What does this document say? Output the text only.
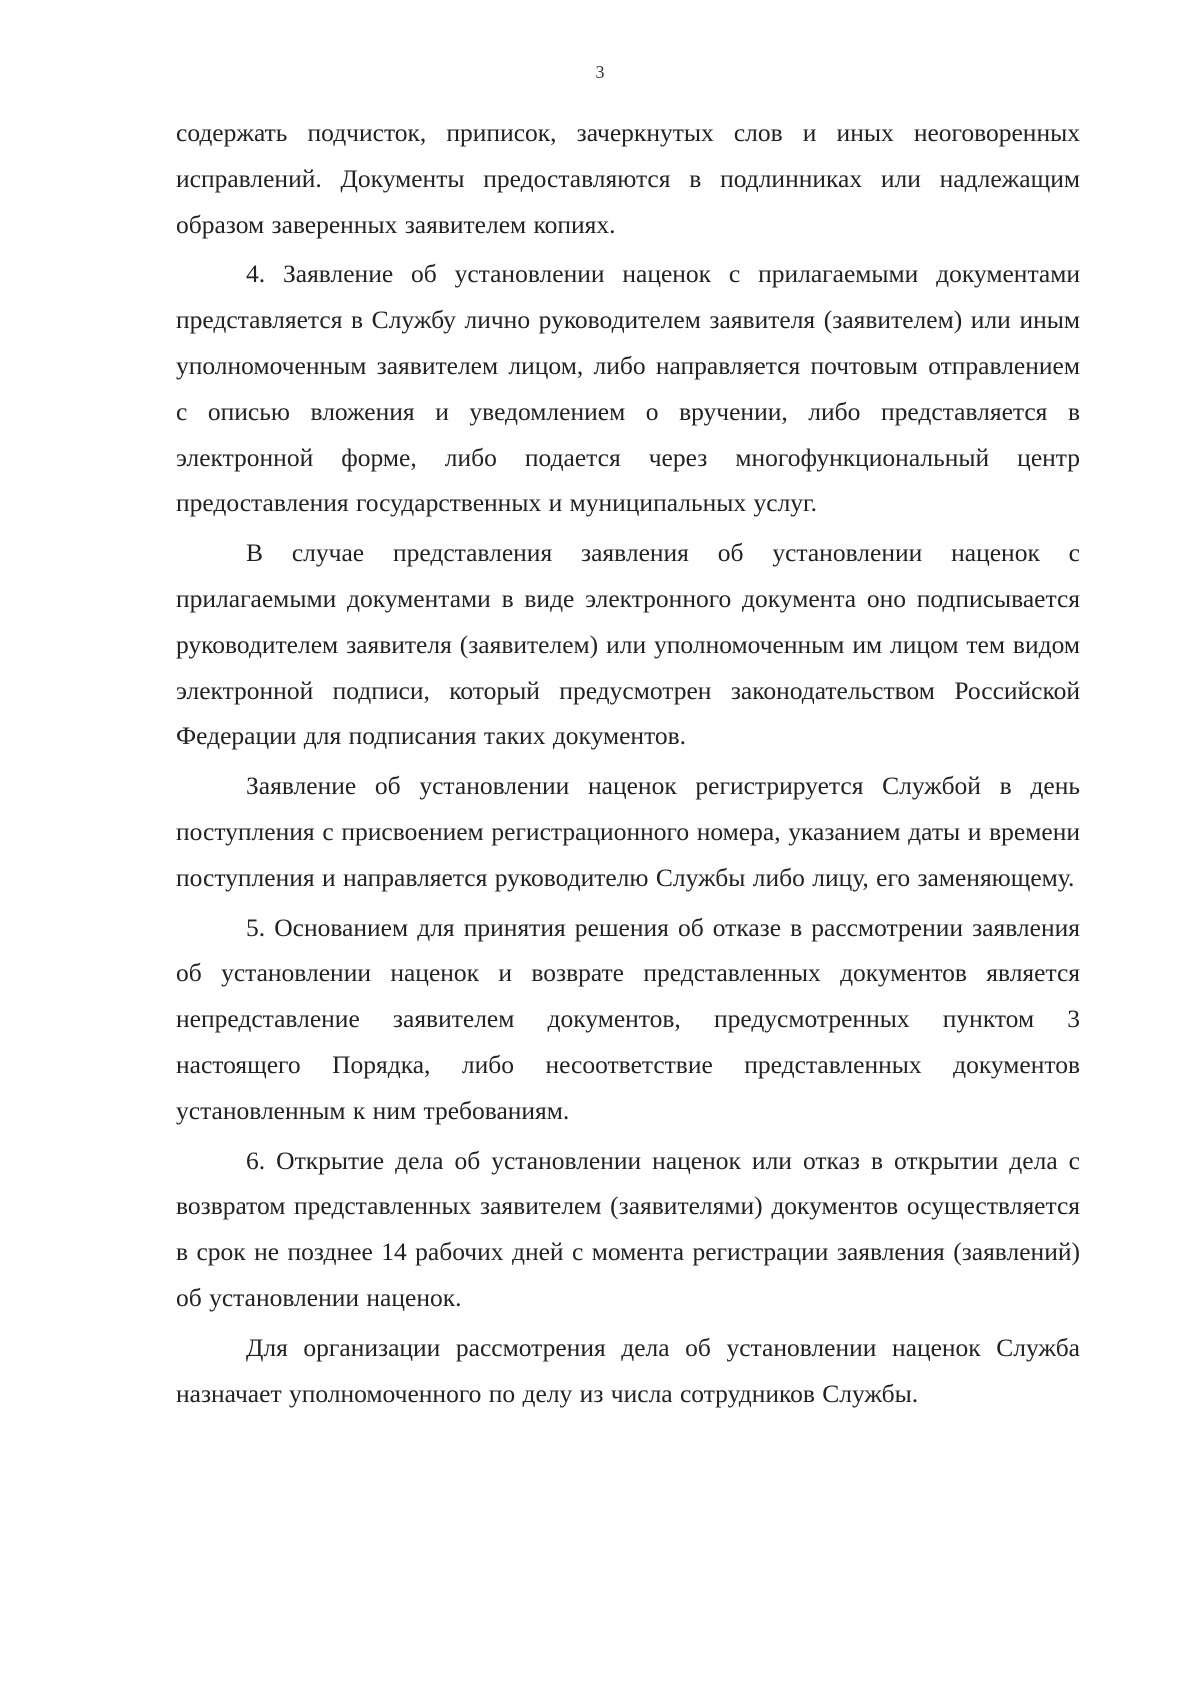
3

содержать подчисток, приписок, зачеркнутых слов и иных неоговоренных исправлений. Документы предоставляются в подлинниках или надлежащим образом заверенных заявителем копиях.

4. Заявление об установлении наценок с прилагаемыми документами представляется в Службу лично руководителем заявителя (заявителем) или иным уполномоченным заявителем лицом, либо направляется почтовым отправлением с описью вложения и уведомлением о вручении, либо представляется в электронной форме, либо подается через многофункциональный центр предоставления государственных и муниципальных услуг.

В случае представления заявления об установлении наценок с прилагаемыми документами в виде электронного документа оно подписывается руководителем заявителя (заявителем) или уполномоченным им лицом тем видом электронной подписи, который предусмотрен законодательством Российской Федерации для подписания таких документов.

Заявление об установлении наценок регистрируется Службой в день поступления с присвоением регистрационного номера, указанием даты и времени поступления и направляется руководителю Службы либо лицу, его заменяющему.

5. Основанием для принятия решения об отказе в рассмотрении заявления об установлении наценок и возврате представленных документов является непредставление заявителем документов, предусмотренных пунктом 3 настоящего Порядка, либо несоответствие представленных документов установленным к ним требованиям.

6. Открытие дела об установлении наценок или отказ в открытии дела с возвратом представленных заявителем (заявителями) документов осуществляется в срок не позднее 14 рабочих дней с момента регистрации заявления (заявлений) об установлении наценок.

Для организации рассмотрения дела об установлении наценок Служба назначает уполномоченного по делу из числа сотрудников Службы.
